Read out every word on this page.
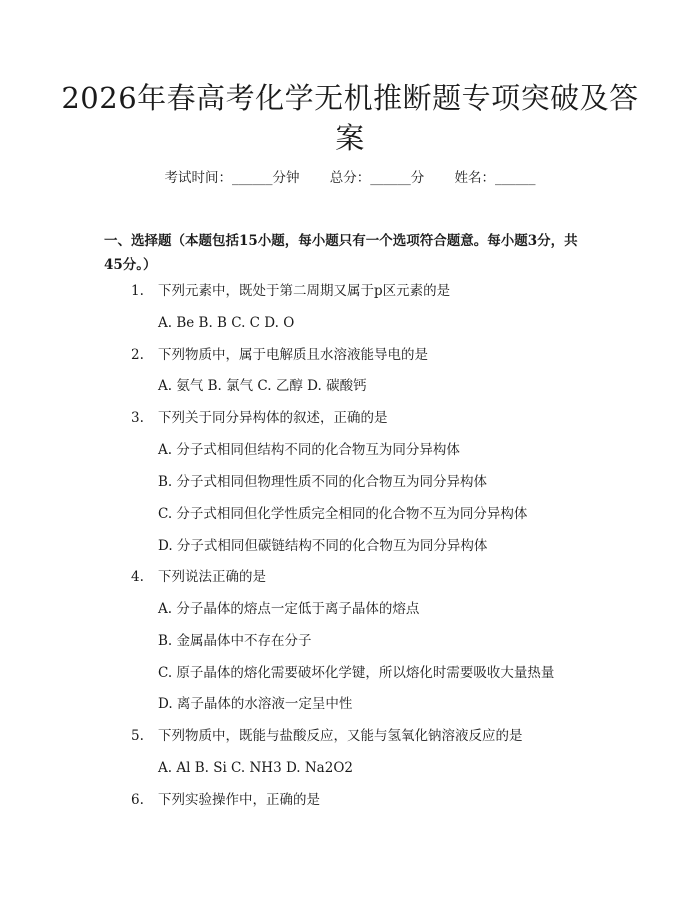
2026年春高考化学无机推断题专项突破及答案
考试时间：______分钟 总分：______分 姓名：______
一、选择题（本题包括15小题，每小题只有一个选项符合题意。每小题3分，共
45分。）
1. 下列元素中，既处于第二周期又属于p区元素的是
A. Be B. B C. C D. O
2. 下列物质中，属于电解质且水溶液能导电的是
A. 氨气 B. 氯气 C. 乙醇 D. 碳酸钙
3. 下列关于同分异构体的叙述，正确的是
A. 分子式相同但结构不同的化合物互为同分异构体
B. 分子式相同但物理性质不同的化合物互为同分异构体
C. 分子式相同但化学性质完全相同的化合物不互为同分异构体
D. 分子式相同但碳链结构不同的化合物互为同分异构体
4. 下列说法正确的是
A. 分子晶体的熔点一定低于离子晶体的熔点
B. 金属晶体中不存在分子
C. 原子晶体的熔化需要破坏化学键，所以熔化时需要吸收大量热量
D. 离子晶体的水溶液一定呈中性
5. 下列物质中，既能与盐酸反应，又能与氢氧化钠溶液反应的是
A. Al B. Si C. NH3 D. Na2O2
6. 下列实验操作中，正确的是
